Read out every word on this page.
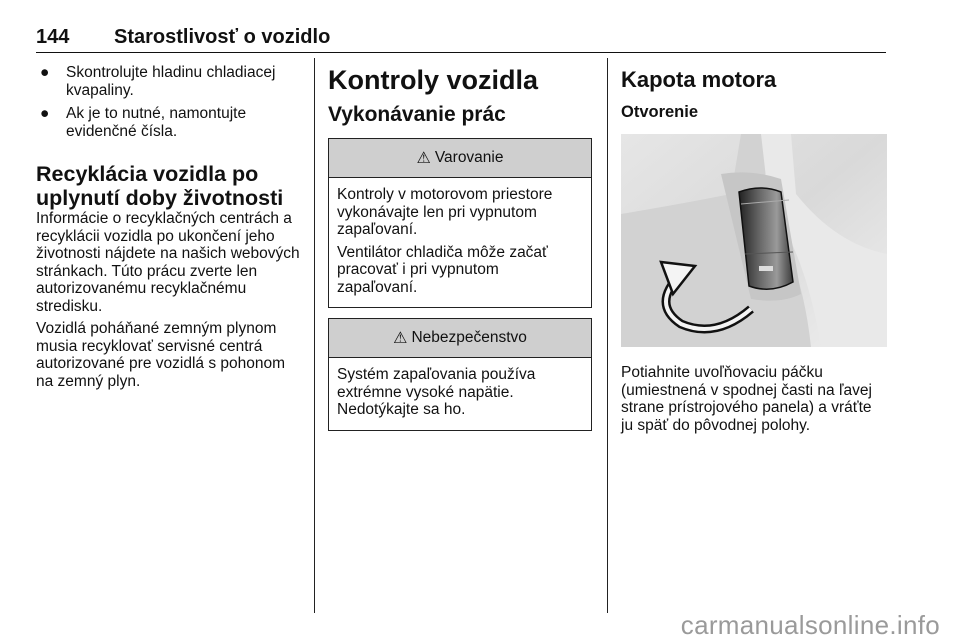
144 Starostlivosť o vozidlo
● Skontrolujte hladinu chladiacej kvapaliny.
● Ak je to nutné, namontujte evidenčné čísla.
Recyklácia vozidla po uplynutí doby životnosti

Informácie o recyklačných centrách a recyklácii vozidla po ukončení jeho životnosti nájdete na našich webových stránkach. Túto prácu zverte len autorizovanému recyklačnému stredisku.

Vozidlá poháňané zemným plynom musia recyklovať servisné centrá autorizované pre vozidlá s pohonom na zemný plyn.

Kontroly vozidla
Vykonávanie prác
⚠ Varovanie

Kontroly v motorovom priestore vykonávajte len pri vypnutom zapaľovaní.

Ventilátor chladiča môže začať pracovať i pri vypnutom zapaľovaní.

⚠ Nebezpečenstvo

Systém zapaľovania používa extrémne vysoké napätie. Nedotýkajte sa ho.

Kapota motora
Otvorenie

Potiahnite uvoľňovaciu páčku (umiestnená v spodnej časti na ľavej strane prístrojového panela) a vráťte ju späť do pôvodnej polohy.

carmanualsonline.info
